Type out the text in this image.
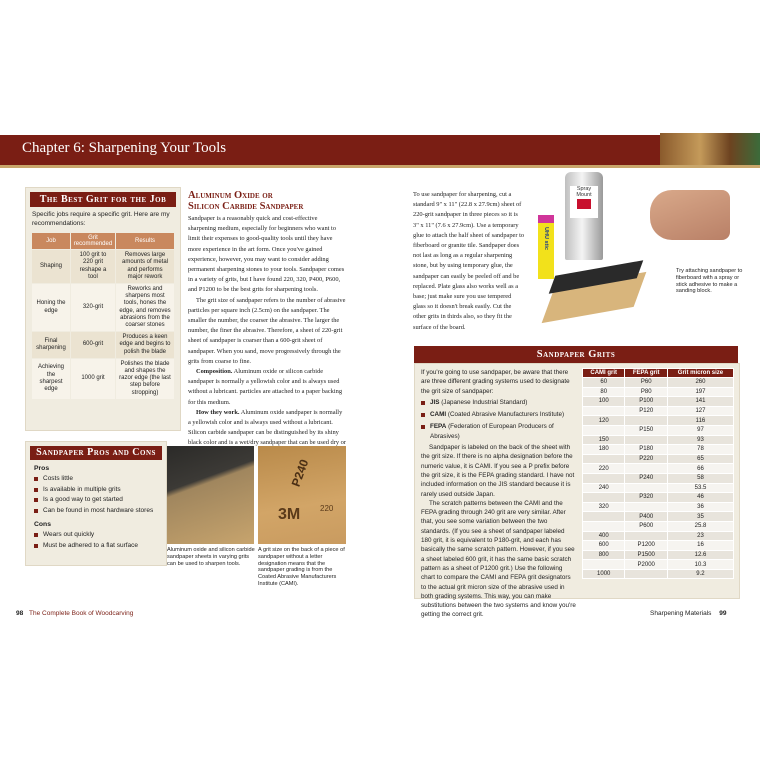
Chapter 6: Sharpening Your Tools
The Best Grit for the Job
Specific jobs require a specific grit. Here are my recommendations:
Job	Grit recommended	Results
Shaping	100 grit to 220 grit reshape a tool	Removes large amounts of metal and performs major rework
Honing the edge	320-grit	Reworks and sharpens most tools, hones the edge, and removes abrasions from the coarser stones
Final sharpening	600-grit	Produces a keen edge and begins to polish the blade
Achieving the sharpest edge	1000 grit	Polishes the blade and shapes the razor edge (the last step before stropping)
Sandpaper Pros and Cons
Pros
Costs little
Is available in multiple grits
Is a good way to get started
Can be found in most hardware stores
Cons
Wears out quickly
Must be adhered to a flat surface
Aluminum Oxide or
Silicon Carbide Sandpaper
Sandpaper is a reasonably quick and cost-effective sharpening medium, especially for beginners who want to limit their expenses to good-quality tools until they have more experience in the art form. Once you've gained experience, however, you may want to consider adding permanent sharpening stones to your tools. Sandpaper comes in a variety of grits, but I have found 220, 320, P400, P600, and P1200 to be the best grits for sharpening tools.
The grit size of sandpaper refers to the number of abrasive particles per square inch (2.5cm) on the sandpaper. The smaller the number, the coarser the abrasive. The larger the number, the finer the abrasive. Therefore, a sheet of 220-grit sheet of sandpaper is coarser than a 600-grit sheet of sandpaper. When you sand, move progressively through the grits from coarse to fine.
Composition. Aluminum oxide or silicon carbide sandpaper is normally a yellowish color and is always used without a lubricant. particles are attached to a paper backing for this medium.
How they work. Aluminum oxide sandpaper is normally a yellowish color and is always used without a lubricant. Silicon carbide sandpaper can be distinguished by its shiny black color and is a wet/dry sandpaper that can be used dry or
P240
3M 220
Aluminum oxide and silicon carbide sandpaper sheets in varying grits can be used to sharpen tools.
A grit size on the back of a piece of sandpaper without a letter designation means that the sandpaper grading is from the Coated Abrasive Manufacturers Institute (CAMI).
To use sandpaper for sharpening, cut a standard 9" x 11" (22.8 x 27.9cm) sheet of 220-grit sandpaper in three pieces so it is 3" x 11" (7.6 x 27.9cm). Use a temporary glue to attach the half sheet of sandpaper to fiberboard or granite tile. Sandpaper does not last as long as a regular sharpening stone, but by using temporary glue, the sandpaper can easily be peeled off and be replaced. Plate glass also works well as a base; just make sure you use tempered glass so it doesn't break easily. Cut the other grits in thirds also, so they fit the surface of the board.
Spray
Mount
UHU stic
Try attaching sandpaper to fiberboard with a spray or stick adhesive to make a sanding block.
Sandpaper Grits
If you're going to use sandpaper, be aware that there are three different grading systems used to designate the grit size of sandpaper:
JIS (Japanese Industrial Standard)
CAMI (Coated Abrasive Manufacturers Institute)
FEPA (Federation of European Producers of Abrasives)
Sandpaper is labeled on the back of the sheet with the grit size. If there is no alpha designation before the numeric value, it is CAMI. If you see a P prefix before the grit size, it is the FEPA grading standard. I have not included information on the JIS standard because it is rarely used outside Japan.
The scratch patterns between the CAMI and the FEPA grading through 240 grit are very similar. After that, you see some variation between the two standards. (If you see a sheet of sandpaper labeled 180 grit, it is equivalent to P180-grit, and each has basically the same scratch pattern. However, if you see a sheet labeled 600 grit, it has the same basic scratch pattern as a sheet of P1200 grit.) Use the following chart to compare the CAMI and FEPA grit designators to the actual grit micron size of the abrasive used in both grading systems. This way, you can make substitutions between the two systems and know you're getting the correct grit.
CAMI grit	FEPA grit	Grit micron size
60	P60	260
80	P80	197
100	P100	141
	P120	127
120		116
	P150	97
150		93
180	P180	78
	P220	65
220		66
	P240	58
240		53.5
	P320	46
320		36
	P400	35
	P600	25.8
400		23
600	P1200	16
800	P1500	12.6
	P2000	10.3
1000		9.2
98 The Complete Book of Woodcarving	Sharpening Materials 99
